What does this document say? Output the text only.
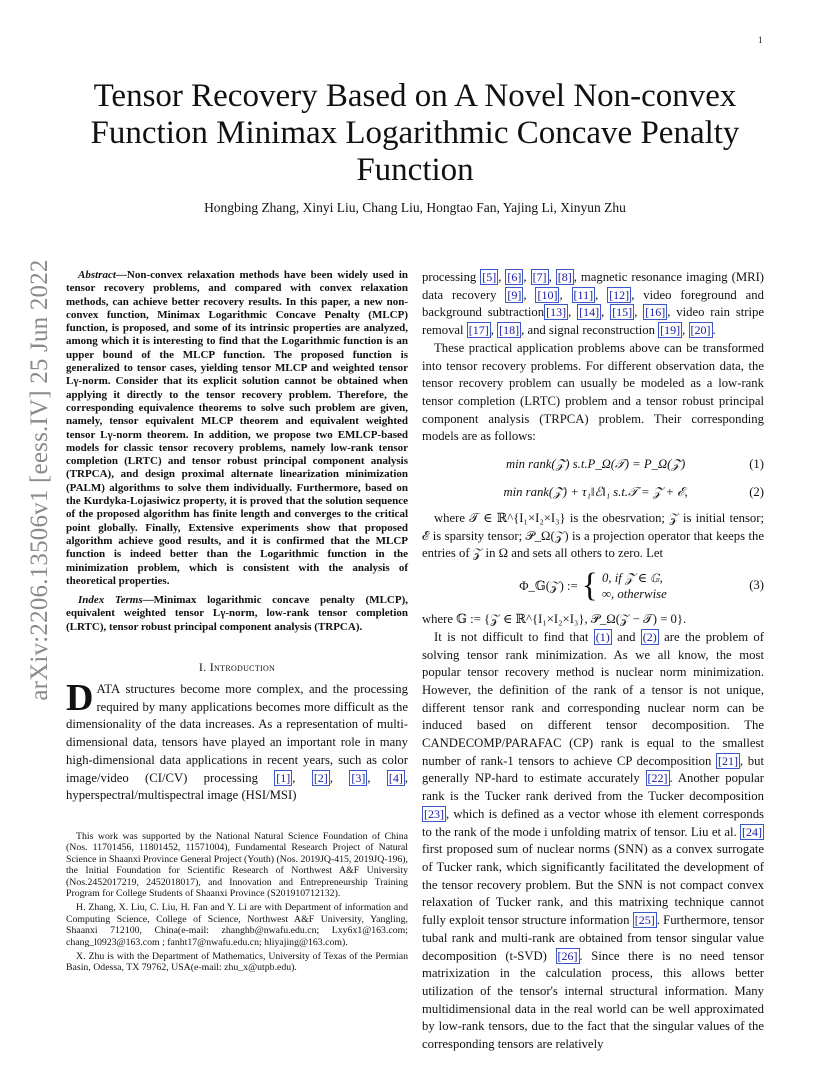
1
arXiv:2206.13506v1 [eess.IV] 25 Jun 2022
Tensor Recovery Based on A Novel Non-convex Function Minimax Logarithmic Concave Penalty Function
Hongbing Zhang, Xinyi Liu, Chang Liu, Hongtao Fan, Yajing Li, Xinyun Zhu

Abstract—Non-convex relaxation methods have been widely used in tensor recovery problems, and compared with convex relaxation methods, can achieve better recovery results. In this paper, a new non-convex function, Minimax Logarithmic Concave Penalty (MLCP) function, is proposed, and some of its intrinsic properties are analyzed, among which it is interesting to find that the Logarithmic function is an upper bound of the MLCP function. The proposed function is generalized to tensor cases, yielding tensor MLCP and weighted tensor Lγ-norm. Consider that its explicit solution cannot be obtained when applying it directly to the tensor recovery problem. Therefore, the corresponding equivalence theorems to solve such problem are given, namely, tensor equivalent MLCP theorem and equivalent weighted tensor Lγ-norm theorem. In addition, we propose two EMLCP-based models for classic tensor recovery problems, namely low-rank tensor completion (LRTC) and tensor robust principal component analysis (TRPCA), and design proximal alternate linearization minimization (PALM) algorithms to solve them individually. Furthermore, based on the Kurdyka-Lojasiwicz property, it is proved that the solution sequence of the proposed algorithm has finite length and converges to the critical point globally. Finally, Extensive experiments show that proposed algorithm achieve good results, and it is confirmed that the MLCP function is indeed better than the Logarithmic function in the minimization problem, which is consistent with the analysis of theoretical properties.

Index Terms—Minimax logarithmic concave penalty (MLCP), equivalent weighted tensor Lγ-norm, low-rank tensor completion (LRTC), tensor robust principal component analysis (TRPCA).

I. Introduction

DATA structures become more complex, and the processing required by many applications becomes more difficult as the dimensionality of the data increases. As a representation of multi-dimensional data, tensors have played an important role in many high-dimensional data applications in recent years, such as color image/video (CI/CV) processing [1] , [2] , [3] , [4] , hyperspectral/multispectral image (HSI/MSI)

This work was supported by the National Natural Science Foundation of China (Nos. 11701456, 11801452, 11571004), Fundamental Research Project of Natural Science in Shaanxi Province General Project (Youth) (Nos. 2019JQ-415, 2019JQ-196), the Initial Foundation for Scientific Research of Northwest A&F University (Nos.2452017219, 2452018017), and Innovation and Entrepreneurship Training Program for College Students of Shaanxi Province (S201910712132).

H. Zhang, X. Liu, C. Liu, H. Fan and Y. Li are with Department of information and Computing Science, College of Science, Northwest A&F University, Yangling, Shaanxi 712100, China(e-mail: zhanghb@nwafu.edu.cn; Lxy6x1@163.com; chang_l0923@163.com ; fanht17@nwafu.edu.cn; hliyajing@163.com).

X. Zhu is with the Department of Mathematics, University of Texas of the Permian Basin, Odessa, TX 79762, USA(e-mail: zhu_x@utpb.edu).

processing [5] , [6] , [7] , [8] , magnetic resonance imaging (MRI) data recovery [9] , [10] , [11] , [12] , video foreground and background subtraction [13] , [14] , [15] , [16] , video rain stripe removal [17] , [18] , and signal reconstruction [19] , [20] .

These practical application problems above can be transformed into tensor recovery problems. For different observation data, the tensor recovery problem can usually be modeled as a low-rank tensor completion (LRTC) problem and a tensor robust principal component analysis (TRPCA) problem. Their corresponding models are as follows:

min rank(𝒵) s.t.P_Ω(𝒯) = P_Ω(𝒵)	(1)
min rank(𝒵) + τ₁‖ℰ‖₁ s.t.𝒯 = 𝒵 + ℰ,	(2)

where 𝒯 ∈ ℝ^{I₁×I₂×I₃} is the obesrvation; 𝒵 is initial tensor; ℰ is sparsity tensor; 𝒫_Ω(𝒵) is a projection operator that keeps the entries of 𝒵 in Ω and sets all others to zero. Let

Φ_𝔾(𝒵) := { 0, if 𝒵 ∈ 𝔾,
∞, otherwise
(3)

where 𝔾 := {𝒵 ∈ ℝ^{I₁×I₂×I₃}, 𝒫_Ω(𝒵 − 𝒯) = 0}.

It is not difficult to find that (1) and (2) are the problem of solving tensor rank minimization. As we all know, the most popular tensor recovery method is nuclear norm minimization. However, the definition of the rank of a tensor is not unique, different tensor rank and corresponding nuclear norm can be induced based on different tensor decomposition. The CANDECOMP/PARAFAC (CP) rank is equal to the smallest number of rank-1 tensors to achieve CP decomposition [21] , but generally NP-hard to estimate accurately [22] . Another popular rank is the Tucker rank derived from the Tucker decomposition [23] , which is defined as a vector whose ith element corresponds to the rank of the mode i unfolding matrix of tensor. Liu et al. [24] first proposed sum of nuclear norms (SNN) as a convex surrogate of Tucker rank, which significantly facilitated the development of the tensor recovery problem. But the SNN is not compact convex relaxation of Tucker rank, and this matrixing technique cannot fully exploit tensor structure information [25] . Furthermore, tensor tubal rank and multi-rank are obtained from tensor singular value decomposition (t-SVD) [26] . Since there is no need tensor matrixization in the calculation process, this allows better utilization of the tensor's internal structural information. Many multidimensional data in the real world can be well approximated by low-rank tensors, due to the fact that the singular values of the corresponding tensors are relatively
